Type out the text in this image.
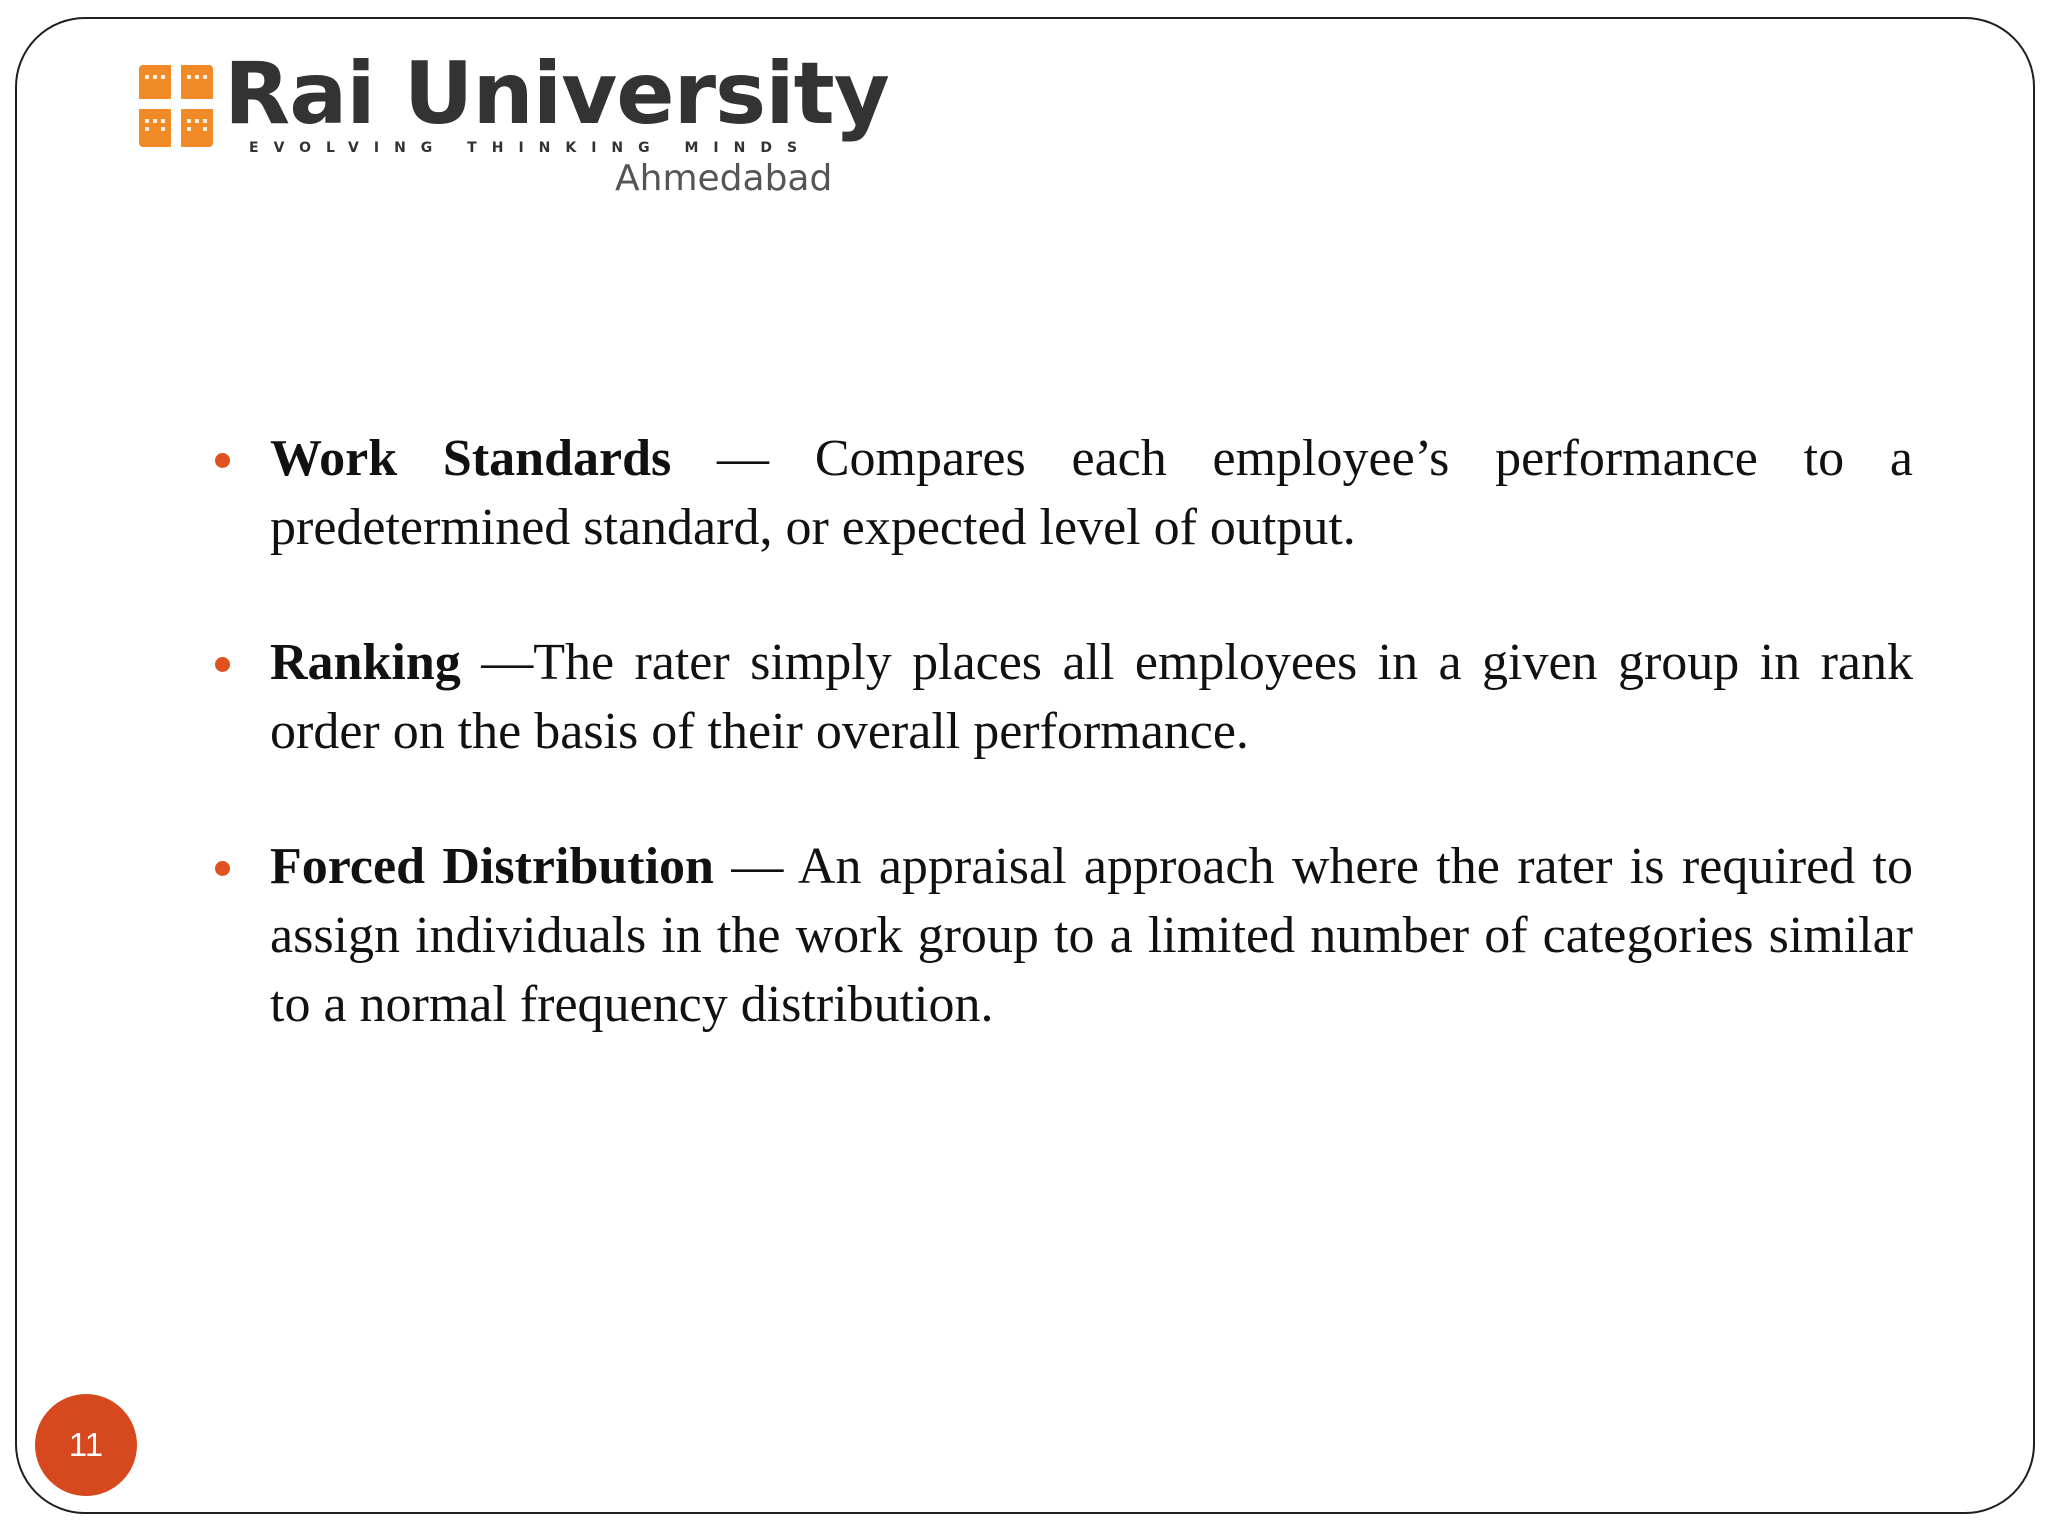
Rai University
EVOLVING THINKING MINDS
Ahmedabad
Work Standards — Compares each employee’s performance to a predetermined standard, or expected level of output.
Ranking —The rater simply places all employees in a given group in rank order on the basis of their overall performance.
Forced Distribution — An appraisal approach where the rater is required to assign individuals in the work group to a limited number of categories similar to a normal frequency distribution.
11
